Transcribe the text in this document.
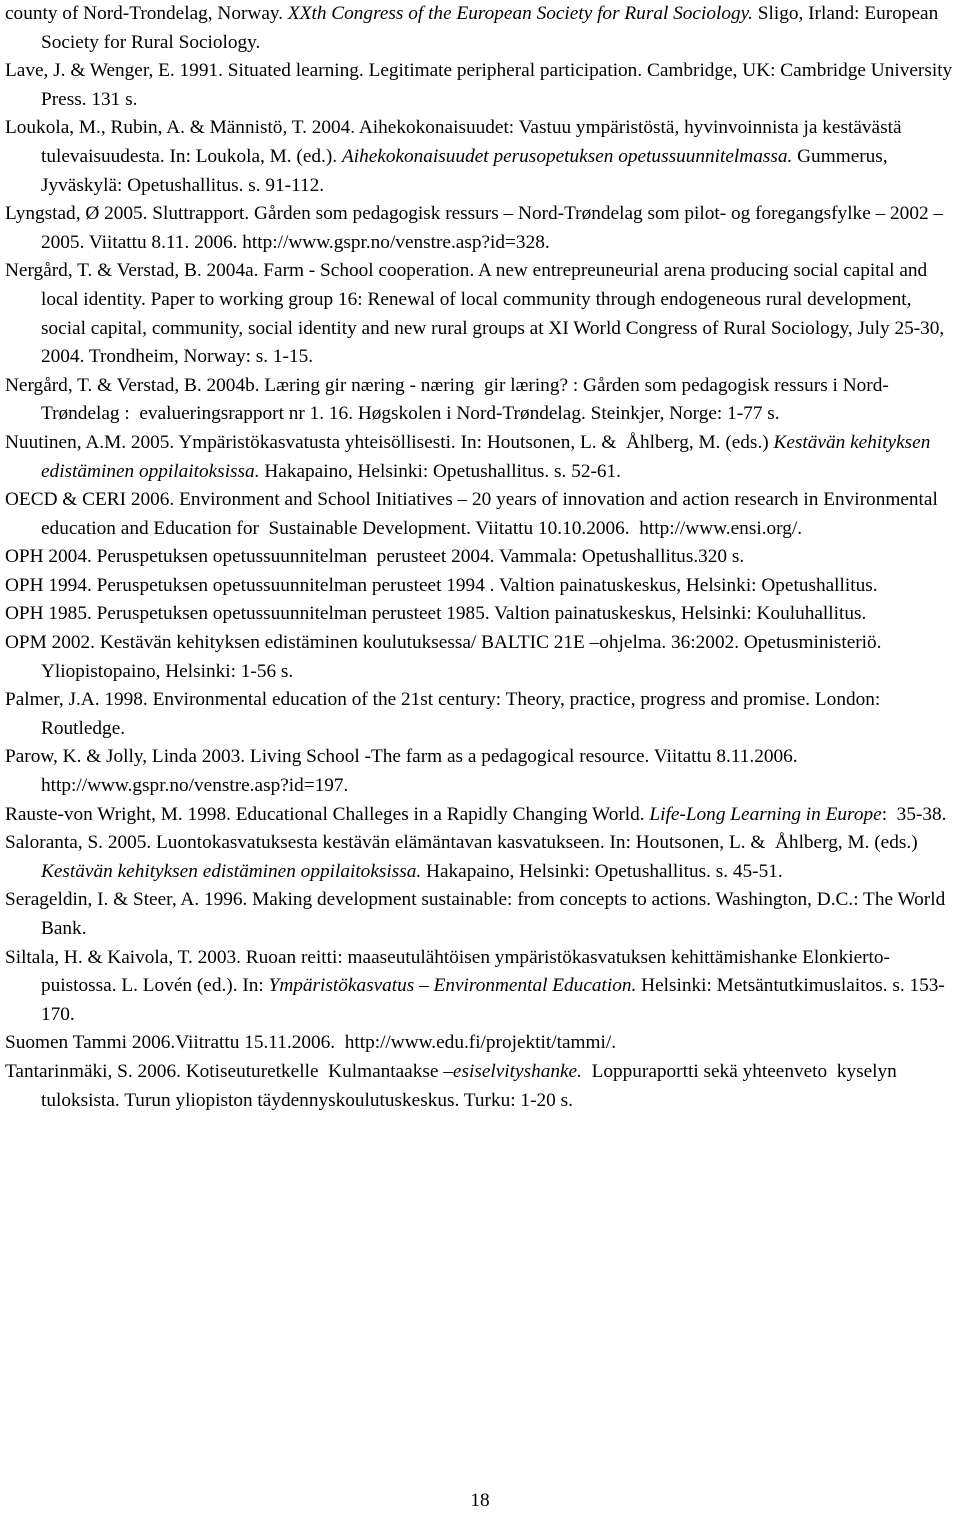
county of Nord-Trondelag, Norway. XXth Congress of the European Society for Rural Sociology. Sligo, Irland: European Society for Rural Sociology.

Lave, J. & Wenger, E. 1991. Situated learning. Legitimate peripheral participation. Cambridge, UK: Cambridge University Press. 131 s.

Loukola, M., Rubin, A. & Männistö, T. 2004. Aihekokonaisuudet: Vastuu ympäristöstä, hyvinvoinnista ja kestävästä tulevaisuudesta. In: Loukola, M. (ed.). Aihekokonaisuudet perusopetuksen opetussuunnitelmassa. Gummerus, Jyväskylä: Opetushallitus. s. 91-112.

Lyngstad, Ø 2005. Sluttrapport. Gården som pedagogisk ressurs – Nord-Trøndelag som pilot- og foregangsfylke – 2002 – 2005. Viitattu 8.11. 2006. http://www.gspr.no/venstre.asp?id=328.

Nergård, T. & Verstad, B. 2004a. Farm - School cooperation. A new entrepreuneurial arena producing social capital and local identity. Paper to working group 16: Renewal of local community through endogeneous rural development, social capital, community, social identity and new rural groups at XI World Congress of Rural Sociology, July 25-30, 2004. Trondheim, Norway: s. 1-15.

Nergård, T. & Verstad, B. 2004b. Læring gir næring - næring  gir læring? : Gården som pedagogisk ressurs i Nord-Trøndelag :  evalueringsrapport nr 1. 16. Høgskolen i Nord-Trøndelag. Steinkjer, Norge: 1-77 s.

Nuutinen, A.M. 2005. Ympäristökasvatusta yhteisöllisesti. In: Houtsonen, L. &  Åhlberg, M. (eds.) Kestävän kehityksen edistäminen oppilaitoksissa. Hakapaino, Helsinki: Opetushallitus. s. 52-61.

OECD & CERI 2006. Environment and School Initiatives – 20 years of innovation and action research in Environmental education and Education for  Sustainable Development. Viitattu 10.10.2006.  http://www.ensi.org/.

OPH 2004. Peruspetuksen opetussuunnitelman  perusteet 2004. Vammala: Opetushallitus.320 s.

OPH 1994. Peruspetuksen opetussuunnitelman perusteet 1994 . Valtion painatuskeskus, Helsinki: Opetushallitus.

OPH 1985. Peruspetuksen opetussuunnitelman perusteet 1985. Valtion painatuskeskus, Helsinki: Kouluhallitus.

OPM 2002. Kestävän kehityksen edistäminen koulutuksessa/ BALTIC 21E –ohjelma. 36:2002. Opetusministeriö. Yliopistopaino, Helsinki: 1-56 s.

Palmer, J.A. 1998. Environmental education of the 21st century: Theory, practice, progress and promise. London: Routledge.

Parow, K. & Jolly, Linda 2003. Living School -The farm as a pedagogical resource. Viitattu 8.11.2006.  http://www.gspr.no/venstre.asp?id=197.

Rauste-von Wright, M. 1998. Educational Challeges in a Rapidly Changing World. Life-Long Learning in Europe:  35-38.

Saloranta, S. 2005. Luontokasvatuksesta kestävän elämäntavan kasvatukseen. In: Houtsonen, L. &  Åhlberg, M. (eds.) Kestävän kehityksen edistäminen oppilaitoksissa. Hakapaino, Helsinki: Opetushallitus. s. 45-51.

Serageldin, I. & Steer, A. 1996. Making development sustainable: from concepts to actions. Washington, D.C.: The World Bank.

Siltala, H. & Kaivola, T. 2003. Ruoan reitti: maaseutulähtöisen ympäristökasvatuksen kehittämishanke Elonkierto-puistossa. L. Lovén (ed.). In: Ympäristökasvatus – Environmental Education. Helsinki: Metsäntutkimuslaitos. s. 153-170.

Suomen Tammi 2006.Viitrattu 15.11.2006.  http://www.edu.fi/projektit/tammi/.

Tantarinmäki, S. 2006. Kotiseuturetkelle  Kulmantaakse –esiselvityshanke.  Loppuraportti sekä yhteenveto  kyselyn tuloksista. Turun yliopiston täydennyskoulutuskeskus. Turku: 1-20 s.

18
